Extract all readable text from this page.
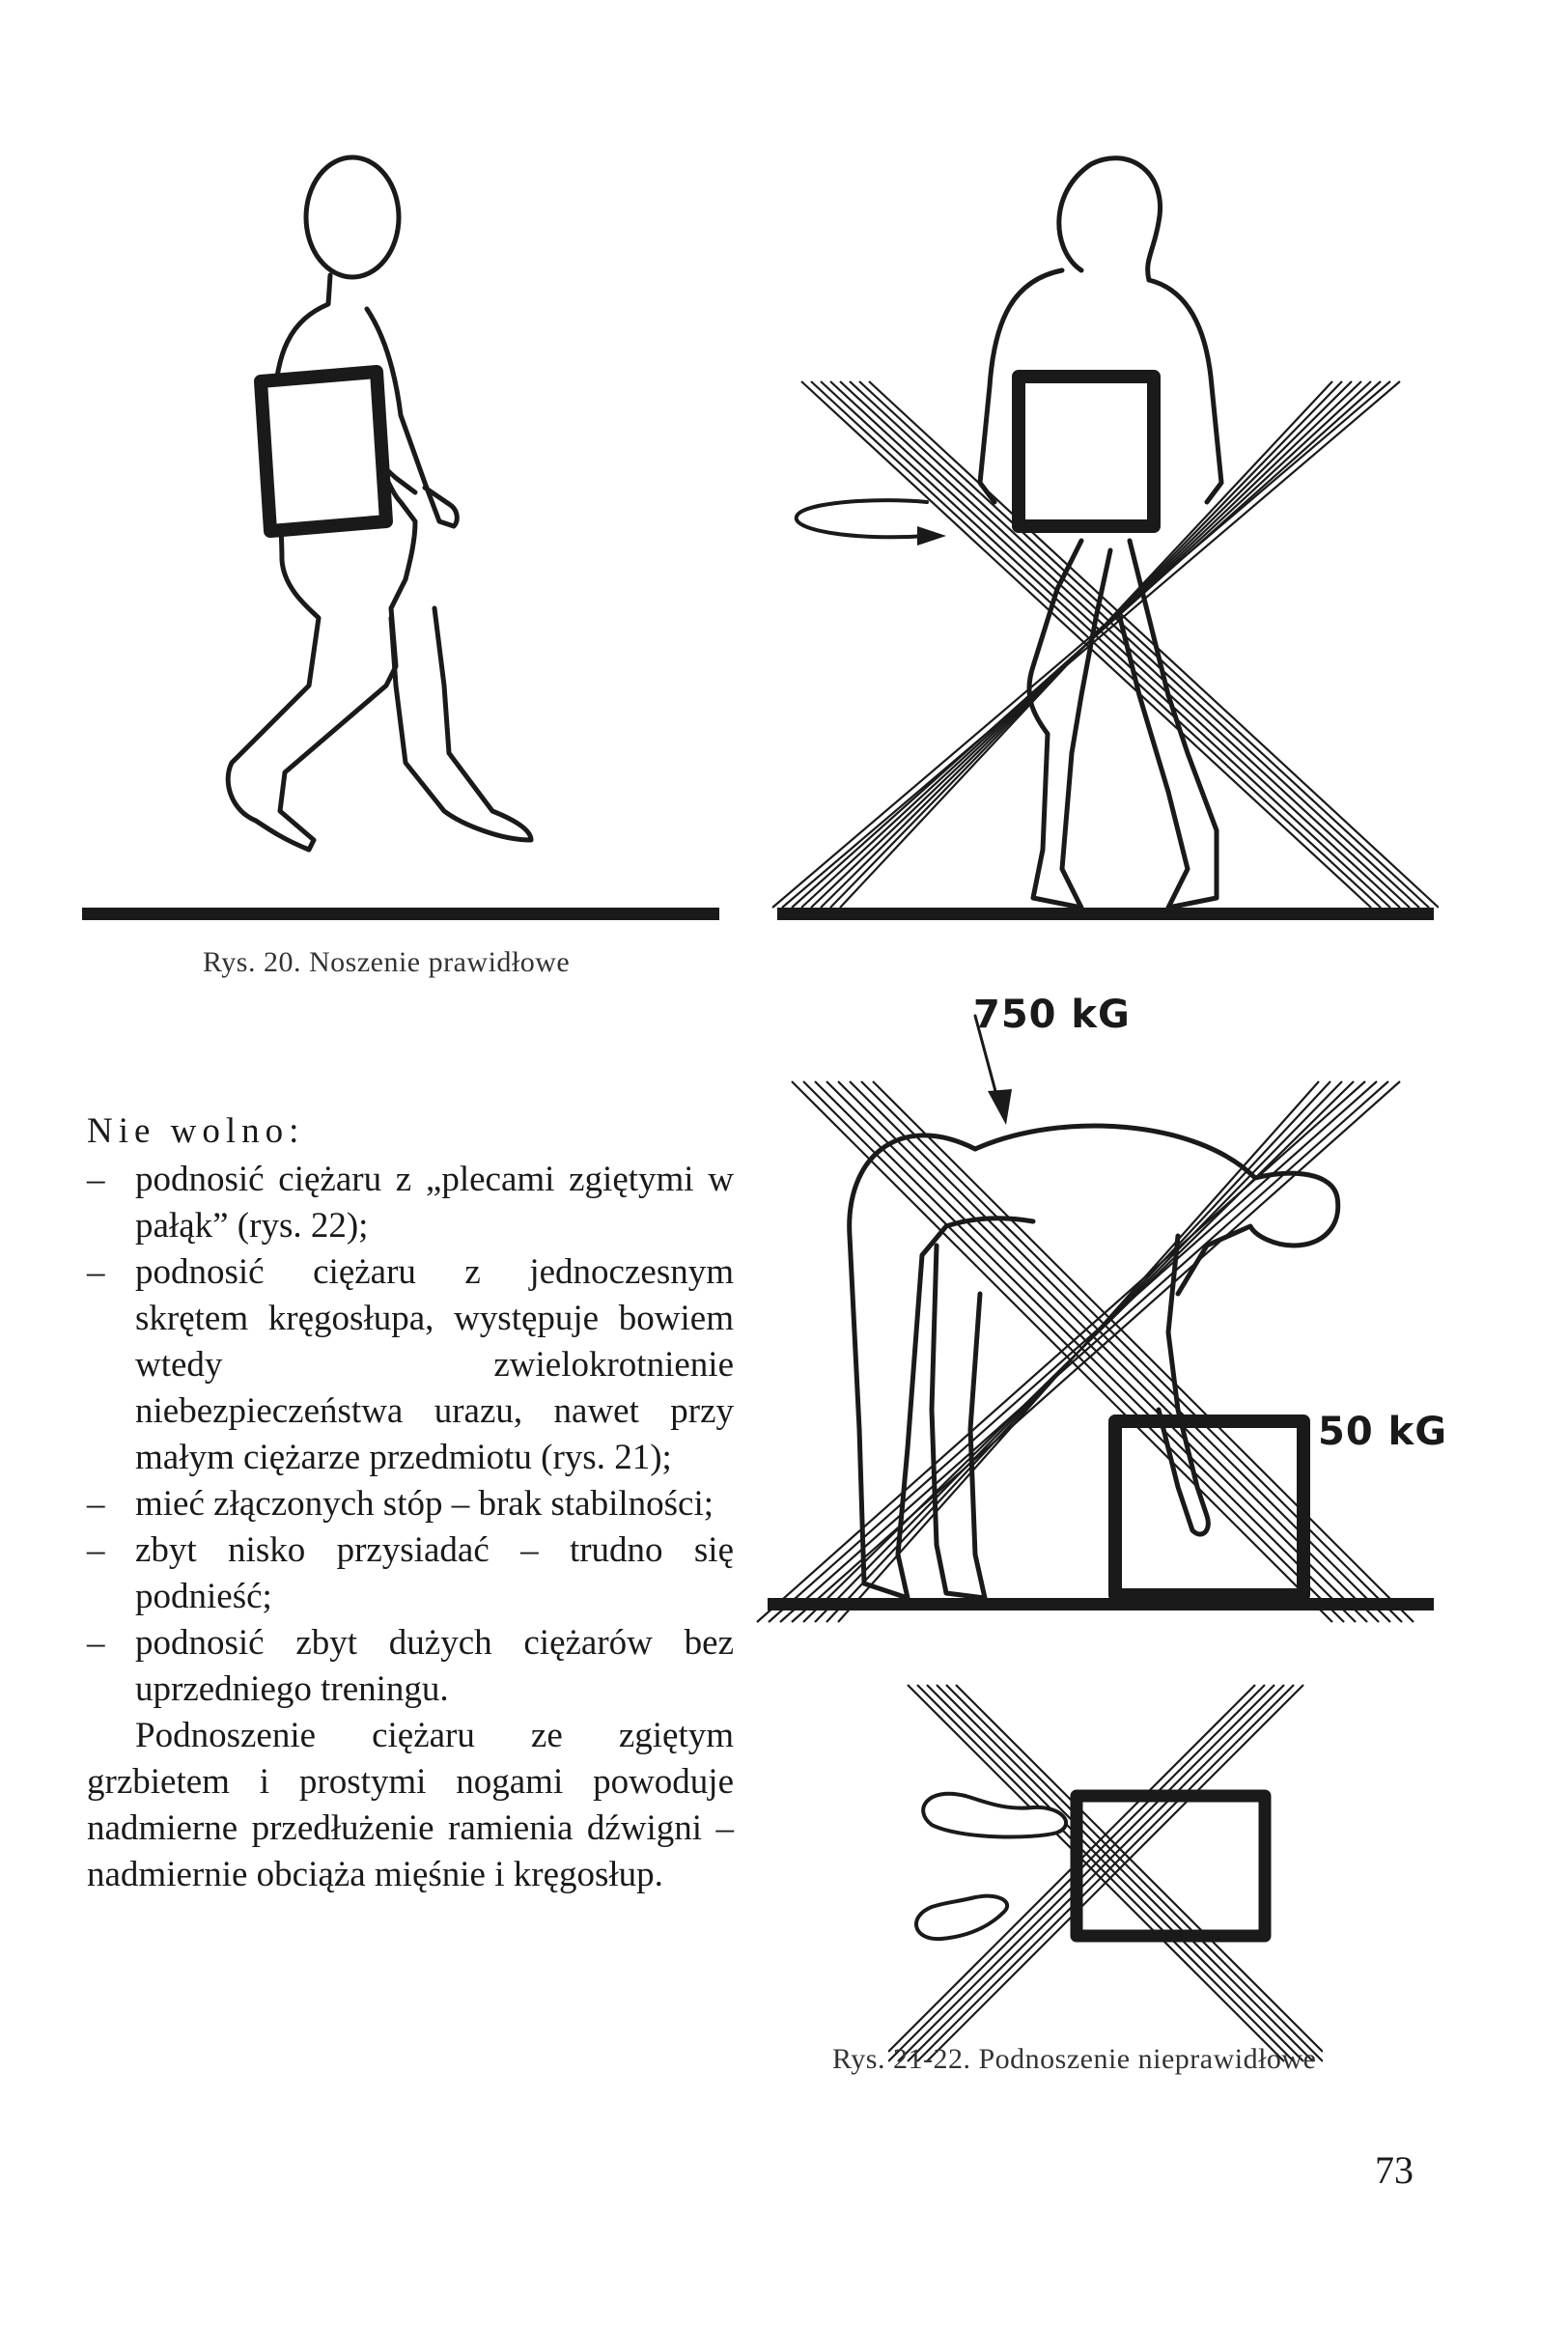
Rys. 20. Noszenie prawidłowe
750 kG
50 kG
Rys. 21-22. Podnoszenie nieprawidłowe
Nie wolno:
– podnosić ciężaru z „plecami zgiętymi w pałąk” (rys. 22);
– podnosić ciężaru z jednoczesnym skrętem kręgosłupa, występuje bowiem wtedy zwielokrotnienie niebezpieczeństwa urazu, nawet przy małym ciężarze przedmiotu (rys. 21);
– mieć złączonych stóp – brak stabilności;
– zbyt nisko przysiadać – trudno się podnieść;
– podnosić zbyt dużych ciężarów bez uprzedniego treningu.

Podnoszenie ciężaru ze zgiętym grzbietem i prostymi nogami powoduje nadmierne przedłużenie ramienia dźwigni – nadmiernie obciąża mięśnie i kręgosłup.

73
